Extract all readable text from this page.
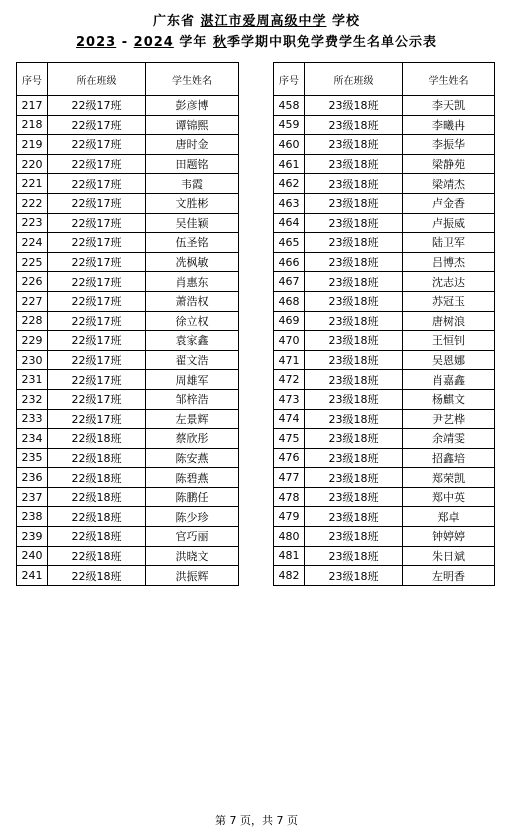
广东省 湛江市爱周高级中学 学校
2023 - 2024 学年 秋季学期中职免学费学生名单公示表
序号	所在班级	学生姓名
217	22级17班	彭彦博
218	22级17班	谭锦熙
219	22级17班	唐时金
220	22级17班	田题铭
221	22级17班	韦霞
222	22级17班	文胜彬
223	22级17班	吴佳颖
224	22级17班	伍圣铭
225	22级17班	冼枫敏
226	22级17班	肖惠东
227	22级17班	萧浩权
228	22级17班	徐立权
229	22级17班	袁家鑫
230	22级17班	翟文浩
231	22级17班	周雄军
232	22级17班	邹梓浩
233	22级17班	左景辉
234	22级18班	蔡欣彤
235	22级18班	陈安燕
236	22级18班	陈碧燕
237	22级18班	陈鹏任
238	22级18班	陈少珍
239	22级18班	官巧丽
240	22级18班	洪晓文
241	22级18班	洪振辉
序号	所在班级	学生姓名
458	23级18班	李天凯
459	23级18班	李曦冉
460	23级18班	李振华
461	23级18班	梁静苑
462	23级18班	梁靖杰
463	23级18班	卢金香
464	23级18班	卢振威
465	23级18班	陆卫军
466	23级18班	吕博杰
467	23级18班	沈志达
468	23级18班	苏冠玉
469	23级18班	唐树浪
470	23级18班	王恒钊
471	23级18班	吴恩娜
472	23级18班	肖嘉鑫
473	23级18班	杨麒文
474	23级18班	尹艺桦
475	23级18班	余靖雯
476	23级18班	招鑫培
477	23级18班	郑荣凯
478	23级18班	郑中英
479	23级18班	郑卓
480	23级18班	钟婷婷
481	23级18班	朱日斌
482	23级18班	左明香
第 7 页，共 7 页
